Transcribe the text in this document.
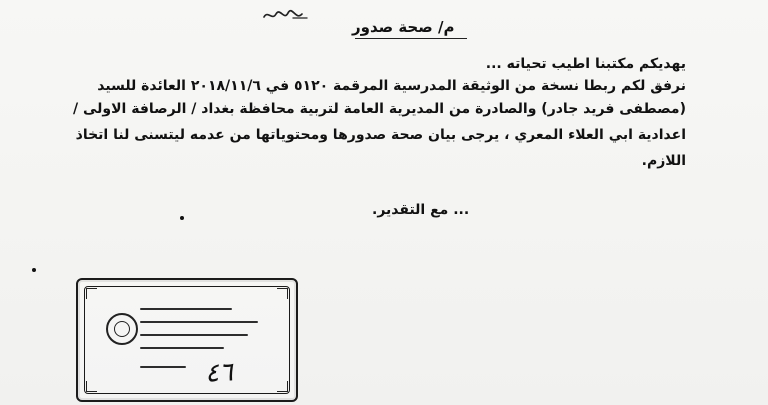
م/ صحة صدور
يهديكم مكتبنا اطيب تحياته ...
نرفق لكم ربطا نسخة من الوثيقة المدرسية المرقمة ٥١٢٠ في ٢٠١٨/١١/٦ العائدة للسيد
(مصطفى فريد جادر) والصادرة من المديرية العامة لتربية محافظة بغداد / الرصافة الاولى /
اعدادية ابي العلاء المعري ، يرجى بيان صحة صدورها ومحتوياتها من عدمه ليتسنى لنا اتخاذ
اللازم.
... مع التقدير.
٤٦
